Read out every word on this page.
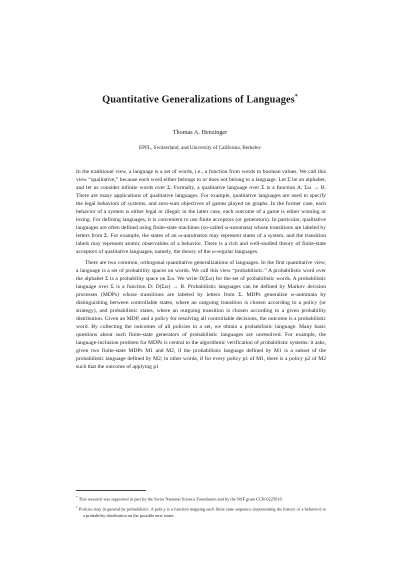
Quantitative Generalizations of Languages*
Thomas A. Henzinger
EPFL, Switzerland, and University of California, Berkeley

In the traditional view, a language is a set of words, i.e., a function from words to boolean values. We call this view “qualitative,” because each word either belongs to or does not belong to a language. Let Σ be an alphabet, and let us consider infinite words over Σ. Formally, a qualitative language over Σ is a function A: Σω → B. There are many applications of qualitative languages. For example, qualitative languages are used to specify the legal behaviors of systems, and zero-sum objectives of games played on graphs. In the former case, each behavior of a system is either legal or illegal; in the latter case, each outcome of a game is either winning or losing. For defining languages, it is convenient to use finite acceptors (or generators). In particular, qualitative languages are often defined using finite-state machines (so-called ω-automata) whose transitions are labeled by letters from Σ. For example, the states of an ω-automaton may represent states of a system, and the transition labels may represent atomic observables of a behavior. There is a rich and well-studied theory of finite-state acceptors of qualitative languages, namely, the theory of the ω-regular languages.

There are two common, orthogonal quantitative generalizations of languages. In the first quantitative view, a language is a set of probability spaces on words. We call this view “probabilistic.” A probabilistic word over the alphabet Σ is a probability space on Σω. We write D(Σω) for the set of probabilistic words. A probabilistic language over Σ is a function D: D(Σω) → B. Probabilistic languages can be defined by Markov decision processes (MDPs) whose transitions are labeled by letters from Σ. MDPs generalize ω-automata by distinguishing between controllable states, where an outgoing transition is chosen according to a policy (or strategy), and probabilistic states, where an outgoing transition is chosen according to a given probability distribution. Given an MDP, and a policy for resolving all controllable decisions, the outcome is a probabilistic word. By collecting the outcomes of all policies in a set, we obtain a probabilistic language. Many basic questions about such finite-state generators of probabilistic languages are unresolved. For example, the language-inclusion problem for MDPs is central to the algorithmic verification of probabilistic systems: it asks, given two finite-state MDPs M1 and M2, if the probabilistic language defined by M1 is a subset of the probabilistic language defined by M2; in other words, if for every policy p1 of M1, there is a policy p2 of M2 such that the outcome of applying p1

* This research was supported in part by the Swiss National Science Foundation and by the NSF grant CCR-0225610.
$^1$ Policies may in general be probabilistic. A policy is a function mapping each finite state sequence (representing the history of a behavior) to a probability distribution on the possible next states.
